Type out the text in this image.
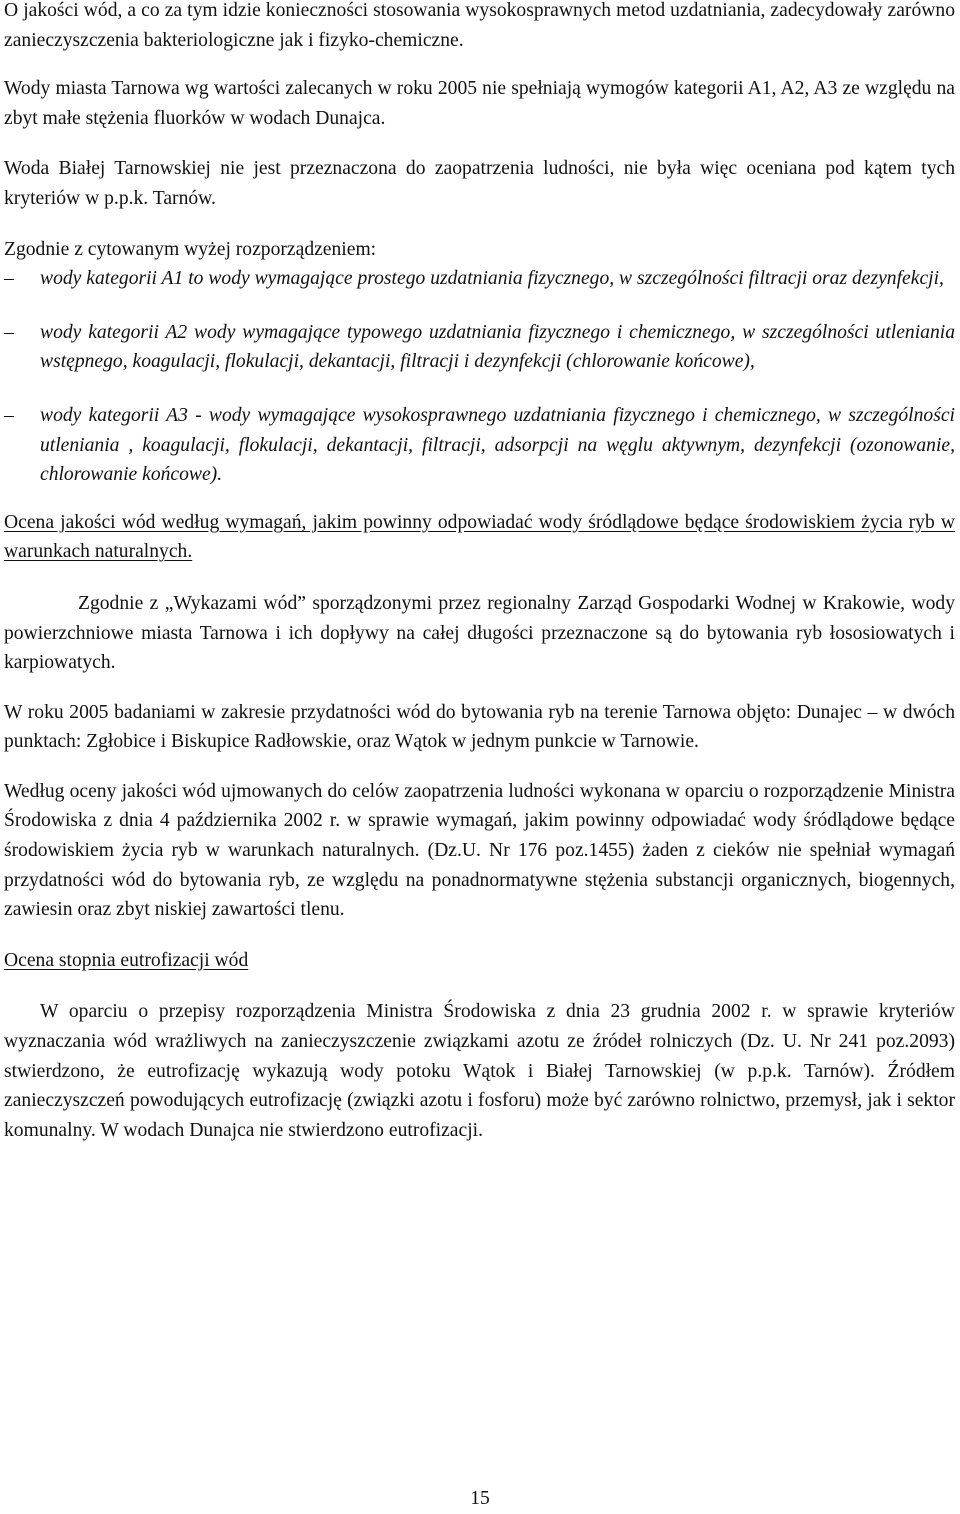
O jakości wód, a co za tym idzie konieczności stosowania wysokosprawnych metod uzdatniania, zadecydowały zarówno zanieczyszczenia bakteriologiczne jak i fizyko-chemiczne.

Wody miasta Tarnowa wg wartości zalecanych w roku 2005 nie spełniają wymogów kategorii A1, A2, A3 ze względu na zbyt małe stężenia fluorków w wodach Dunajca.

Woda Białej Tarnowskiej nie jest przeznaczona do zaopatrzenia ludności, nie była więc oceniana pod kątem tych kryteriów w p.p.k. Tarnów.

Zgodnie z cytowanym wyżej rozporządzeniem:

– wody kategorii A1 to wody wymagające prostego uzdatniania fizycznego, w szczególności filtracji oraz dezynfekcji,
– wody kategorii A2 wody wymagające typowego uzdatniania fizycznego i chemicznego, w szczególności utleniania wstępnego, koagulacji, flokulacji, dekantacji, filtracji i dezynfekcji (chlorowanie końcowe),
– wody kategorii A3 - wody wymagające wysokosprawnego uzdatniania fizycznego i chemicznego, w szczególności utleniania , koagulacji, flokulacji, dekantacji, filtracji, adsorpcji na węglu aktywnym, dezynfekcji (ozonowanie, chlorowanie końcowe).

Ocena jakości wód według wymagań, jakim powinny odpowiadać wody śródlądowe będące środowiskiem życia ryb w warunkach naturalnych.

Zgodnie z „Wykazami wód” sporządzonymi przez regionalny Zarząd Gospodarki Wodnej w Krakowie, wody powierzchniowe miasta Tarnowa i ich dopływy na całej długości przeznaczone są do bytowania ryb łososiowatych i karpiowatych.

W roku 2005 badaniami w zakresie przydatności wód do bytowania ryb na terenie Tarnowa objęto: Dunajec – w dwóch punktach: Zgłobice i Biskupice Radłowskie, oraz Wątok w jednym punkcie w Tarnowie.

Według oceny jakości wód ujmowanych do celów zaopatrzenia ludności wykonana w oparciu o rozporządzenie Ministra Środowiska z dnia 4 października 2002 r. w sprawie wymagań, jakim powinny odpowiadać wody śródlądowe będące środowiskiem życia ryb w warunkach naturalnych. (Dz.U. Nr 176 poz.1455) żaden z cieków nie spełniał wymagań przydatności wód do bytowania ryb, ze względu na ponadnormatywne stężenia substancji organicznych, biogennych, zawiesin oraz zbyt niskiej zawartości tlenu.

Ocena stopnia eutrofizacji wód

W oparciu o przepisy rozporządzenia Ministra Środowiska z dnia 23 grudnia 2002 r. w sprawie kryteriów wyznaczania wód wrażliwych na zanieczyszczenie związkami azotu ze źródeł rolniczych (Dz. U. Nr 241 poz.2093) stwierdzono, że eutrofizację wykazują wody potoku Wątok i Białej Tarnowskiej (w p.p.k. Tarnów). Źródłem zanieczyszczeń powodujących eutrofizację (związki azotu i fosforu) może być zarówno rolnictwo, przemysł, jak i sektor komunalny. W wodach Dunajca nie stwierdzono eutrofizacji.

15
